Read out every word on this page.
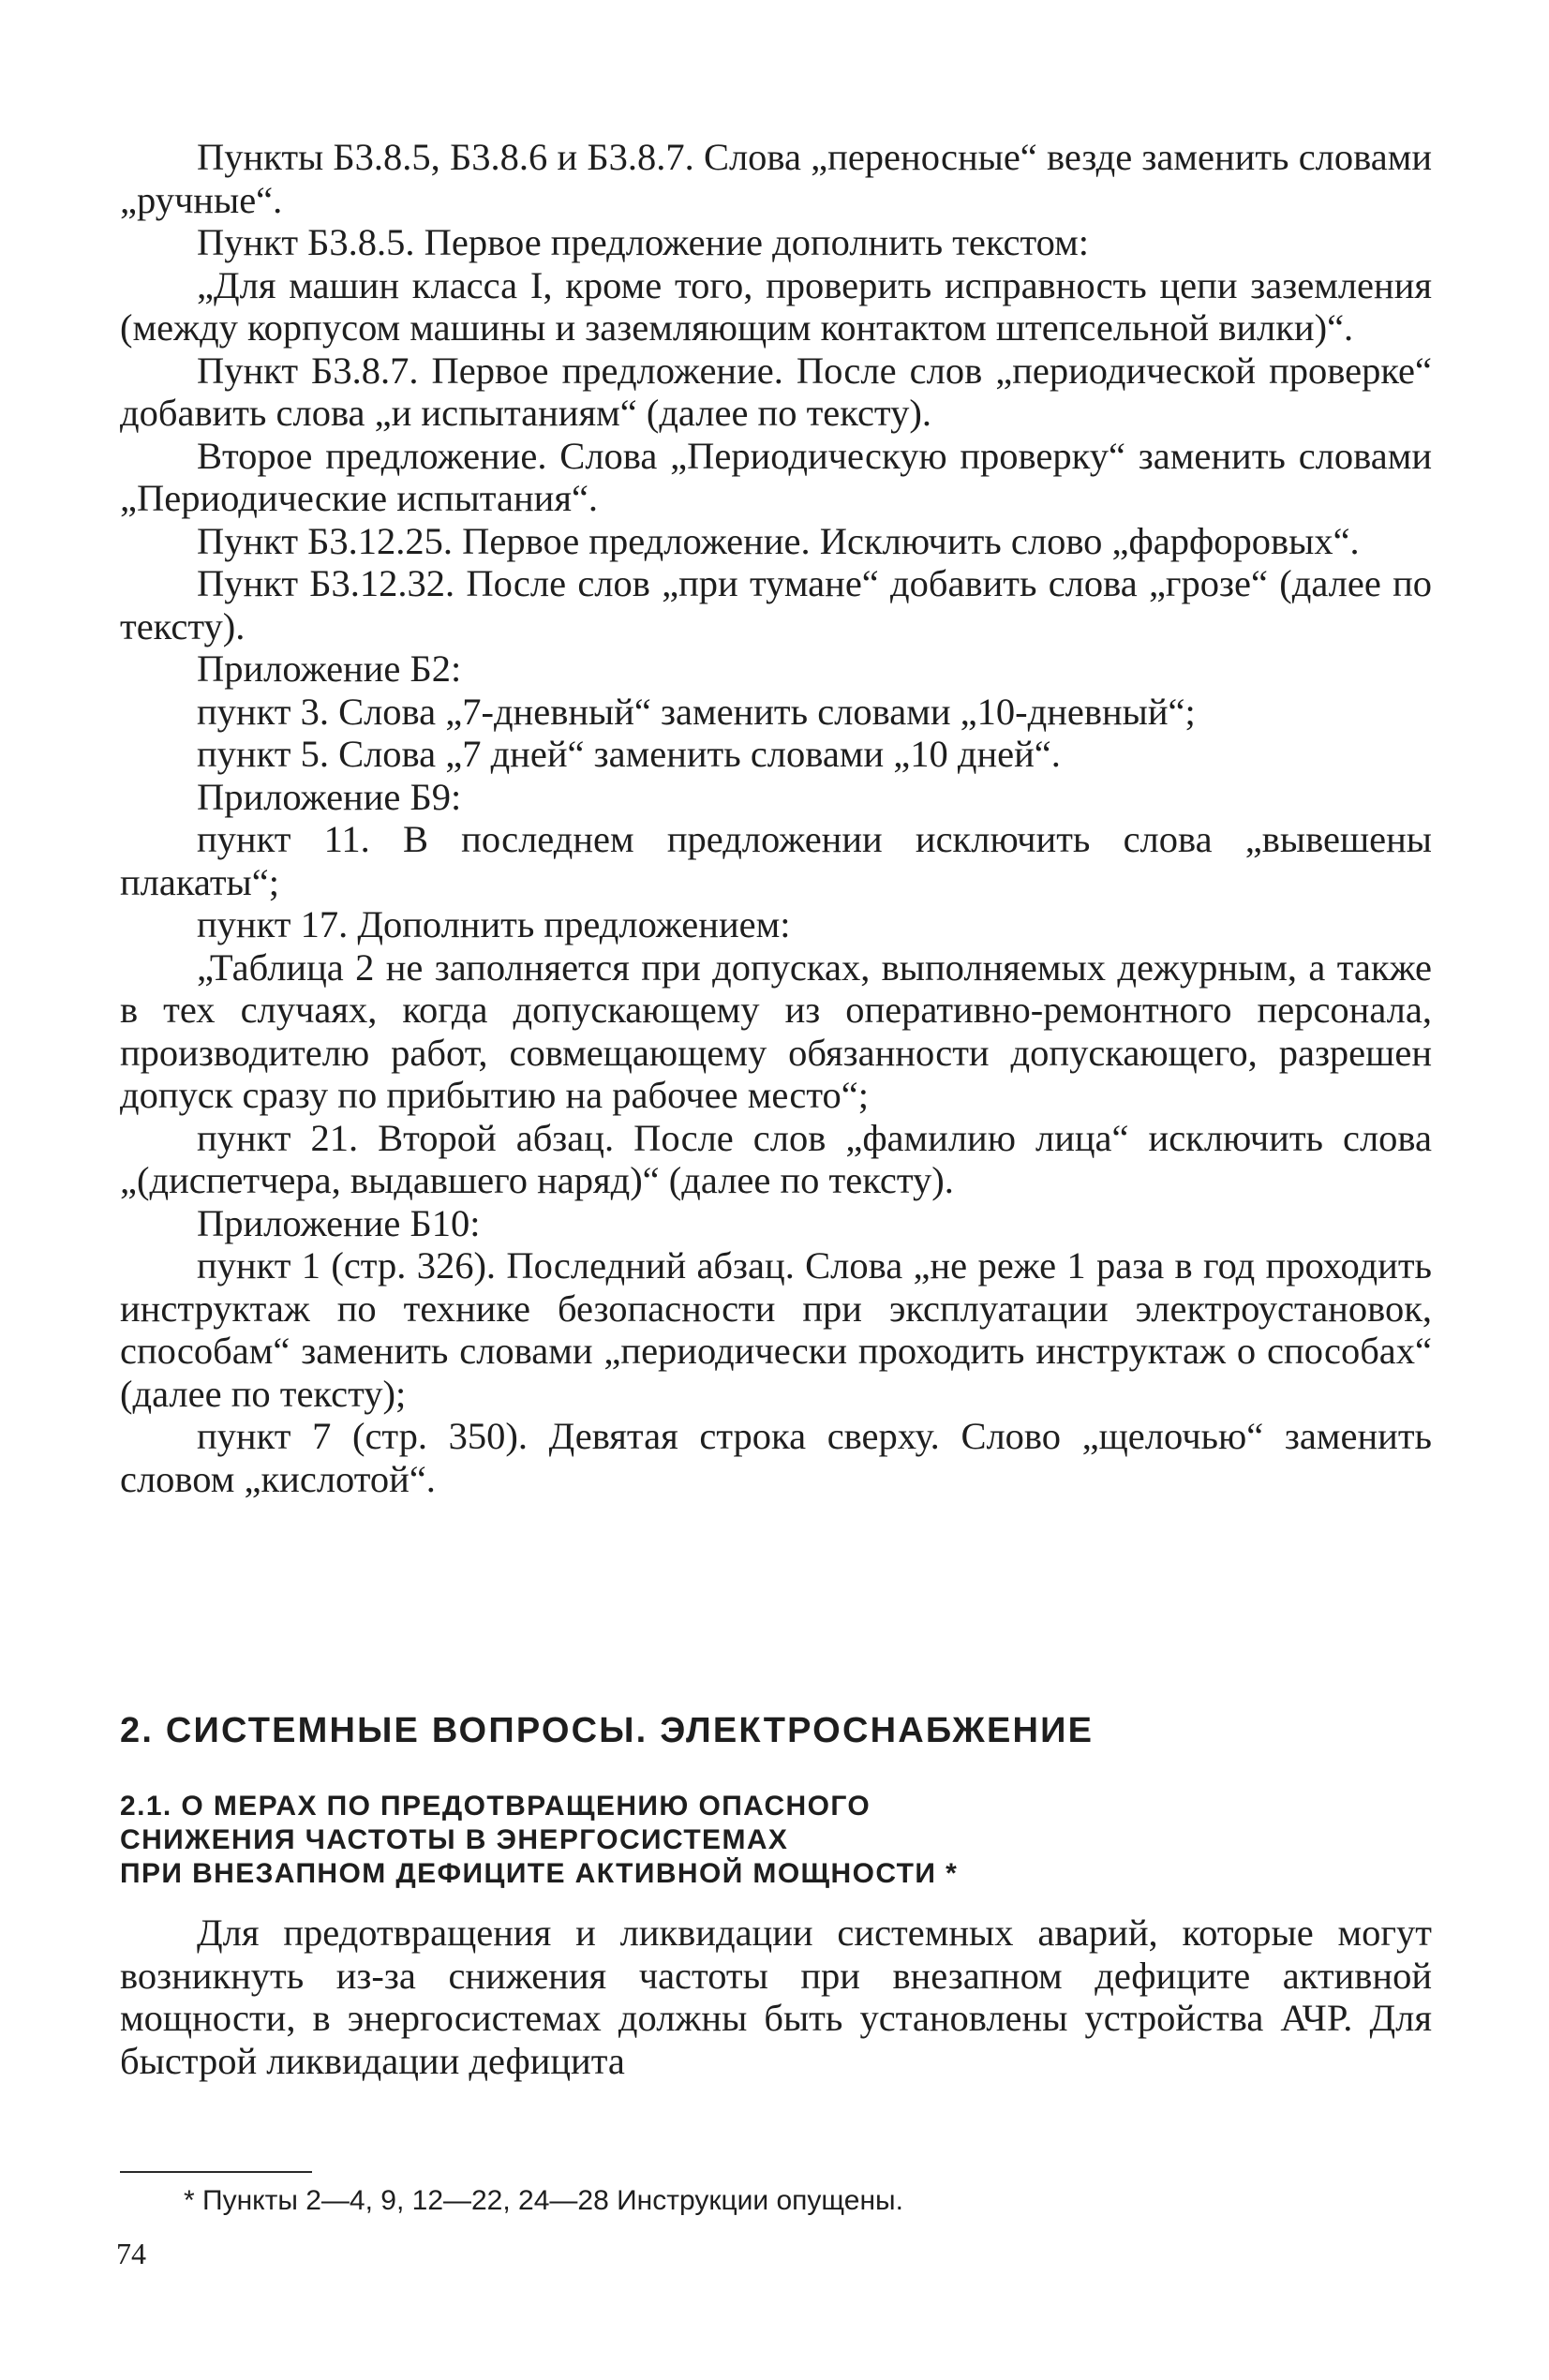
Пункты Б3.8.5, Б3.8.6 и Б3.8.7. Слова „переносные“ везде заменить словами „ручные“.

Пункт Б3.8.5. Первое предложение дополнить текстом:

„Для машин класса I, кроме того, проверить исправность цепи заземления (между корпусом машины и заземляющим контактом штепсельной вилки)“.

Пункт Б3.8.7. Первое предложение. После слов „периодической проверке“ добавить слова „и испытаниям“ (далее по тексту).

Второе предложение. Слова „Периодическую проверку“ заменить словами „Периодические испытания“.

Пункт Б3.12.25. Первое предложение. Исключить слово „фарфоровых“.

Пункт Б3.12.32. После слов „при тумане“ добавить слова „грозе“ (далее по тексту).

Приложение Б2:

пункт 3. Слова „7-дневный“ заменить словами „10-дневный“;

пункт 5. Слова „7 дней“ заменить словами „10 дней“.

Приложение Б9:

пункт 11. В последнем предложении исключить слова „вывешены плакаты“;

пункт 17. Дополнить предложением:

„Таблица 2 не заполняется при допусках, выполняемых дежурным, а также в тех случаях, когда допускающему из оперативно-ремонтного персонала, производителю работ, совмещающему обязанности допускающего, разрешен допуск сразу по прибытию на рабочее место“;

пункт 21. Второй абзац. После слов „фамилию лица“ исключить слова „(диспетчера, выдавшего наряд)“ (далее по тексту).

Приложение Б10:

пункт 1 (стр. 326). Последний абзац. Слова „не реже 1 раза в год проходить инструктаж по технике безопасности при эксплуатации электроустановок, способам“ заменить словами „периодически проходить инструктаж о способах“ (далее по тексту);

пункт 7 (стр. 350). Девятая строка сверху. Слово „щелочью“ заменить словом „кислотой“.

2. СИСТЕМНЫЕ ВОПРОСЫ. ЭЛЕКТРОСНАБЖЕНИЕ
2.1. О МЕРАХ ПО ПРЕДОТВРАЩЕНИЮ ОПАСНОГО
СНИЖЕНИЯ ЧАСТОТЫ В ЭНЕРГОСИСТЕМАХ
ПРИ ВНЕЗАПНОМ ДЕФИЦИТЕ АКТИВНОЙ МОЩНОСТИ *

Для предотвращения и ликвидации системных аварий, которые могут возникнуть из-за снижения частоты при внезапном дефиците активной мощности, в энергосистемах должны быть установлены устройства АЧР. Для быстрой ликвидации дефицита

* Пункты 2—4, 9, 12—22, 24—28 Инструкции опущены.

74
